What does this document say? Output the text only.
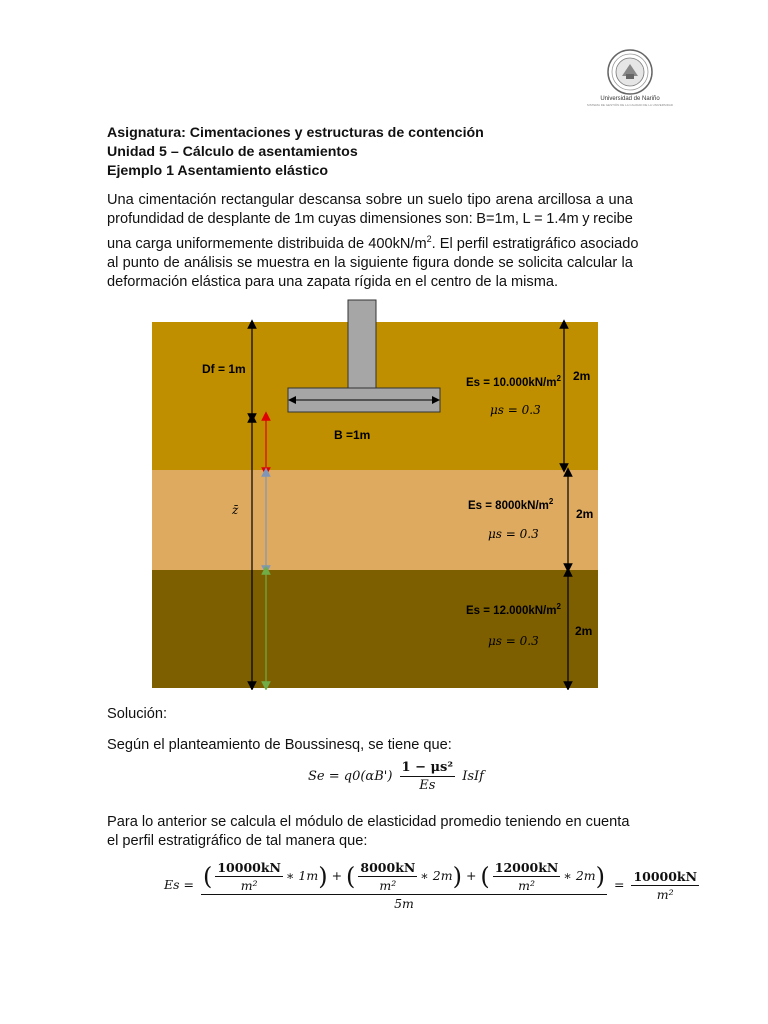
Universidad de Nariño
SISTEMA DE GESTIÓN DE LA CALIDAD DE LA UNIVERSIDAD
Asignatura: Cimentaciones y estructuras de contención
Unidad 5 – Cálculo de asentamientos
Ejemplo 1 Asentamiento elástico
Una cimentación rectangular descansa sobre un suelo tipo arena arcillosa a una
profundidad de desplante de 1m cuyas dimensiones son: B=1m, L = 1.4m y recibe
una carga uniformemente distribuida de $400kN/m^2$. El perfil estratigráfico asociado
al punto de análisis se muestra en la siguiente figura donde se solicita calcular la
deformación elástica para una zapata rígida en el centro de la misma.
Df = 1m
B =1m
z̄
$Es = 10.000kN/m^2$
μs = 0.3
2m
$Es = 8000kN/m^2$
μs = 0.3
2m
$Es = 12.000kN/m^2$
μs = 0.3
2m
Solución:
Según el planteamiento de Boussinesq, se tiene que:
$Se = q0(\alpha B') \frac{\text{1 − μs²}}{Es}$ IsIf
Para lo anterior se calcula el módulo de elasticidad promedio teniendo en cuenta
el perfil estratigráfico de tal manera que:
Es = ( $\frac{10000kN}{\text{m²}}$ ∗ 1m) + ( $\frac{8000kN}{\text{m²}}$ ∗ 2m) + ( $\frac{12000kN}{\text{m²}}$ ∗ 2m)
5m
= $\frac{10000kN}{\text{m²}}$
